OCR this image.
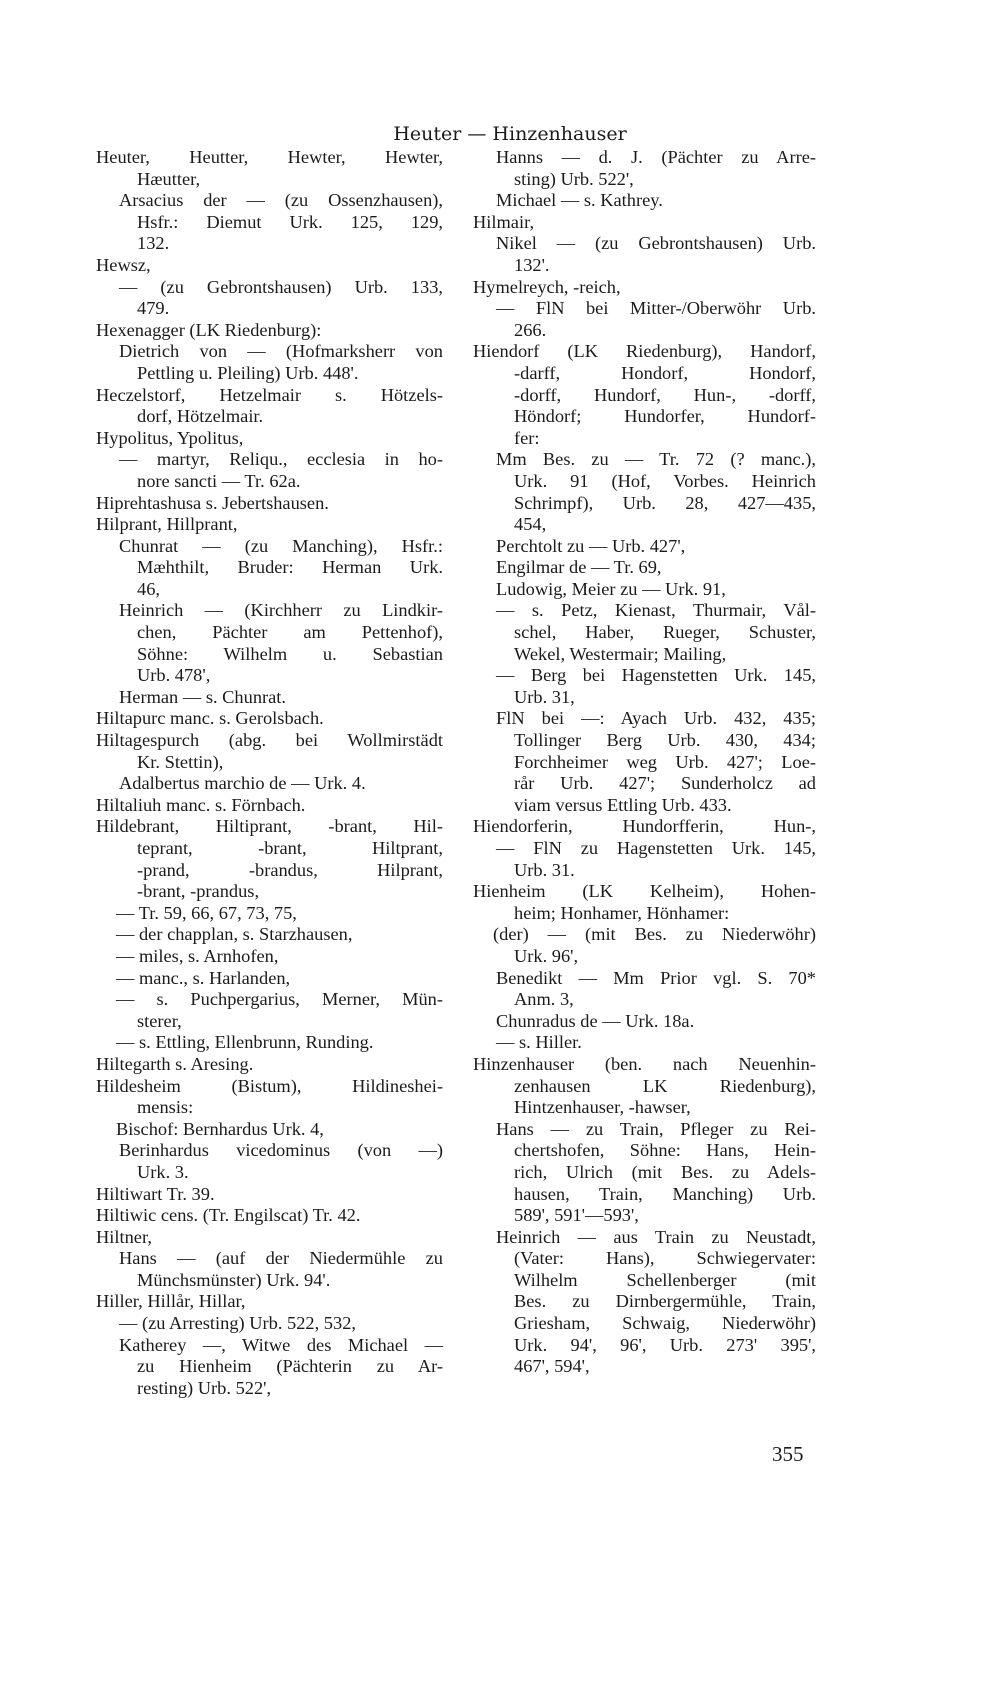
Heuter — Hinzenhauser
Heuter, Heutter, Hewter, Hewter,
Hæutter,
Arsacius der — (zu Ossenzhausen),
Hsfr.: Diemut Urk. 125, 129,
132.
Hewsz,
— (zu Gebrontshausen) Urb. 133,
479.
Hexenagger (LK Riedenburg):
Dietrich von — (Hofmarksherr von
Pettling u. Pleiling) Urb. 448'.
Heczelstorf, Hetzelmair s. Hötzels-
dorf, Hötzelmair.
Hypolitus, Ypolitus,
— martyr, Reliqu., ecclesia in ho-
nore sancti — Tr. 62a.
Hiprehtashusa s. Jebertshausen.
Hilprant, Hillprant,
Chunrat — (zu Manching), Hsfr.:
Mæhthilt, Bruder: Herman Urk.
46,
Heinrich — (Kirchherr zu Lindkir-
chen, Pächter am Pettenhof),
Söhne: Wilhelm u. Sebastian
Urb. 478',
Herman — s. Chunrat.
Hiltapurc manc. s. Gerolsbach.
Hiltagespurch (abg. bei Wollmirstädt
Kr. Stettin),
Adalbertus marchio de — Urk. 4.
Hiltaliuh manc. s. Förnbach.
Hildebrant, Hiltiprant, -brant, Hil-
teprant, -brant, Hiltprant,
-prand, -brandus, Hilprant,
-brant, -prandus,
— Tr. 59, 66, 67, 73, 75,
— der chapplan, s. Starzhausen,
— miles, s. Arnhofen,
— manc., s. Harlanden,
— s. Puchpergarius, Merner, Mün-
sterer,
— s. Ettling, Ellenbrunn, Runding.
Hiltegarth s. Aresing.
Hildesheim (Bistum), Hildineshei-
mensis:
Bischof: Bernhardus Urk. 4,
Berinhardus vicedominus (von —)
Urk. 3.
Hiltiwart Tr. 39.
Hiltiwic cens. (Tr. Engilscat) Tr. 42.
Hiltner,
Hans — (auf der Niedermühle zu
Münchsmünster) Urk. 94'.
Hiller, Hillår, Hillar,
— (zu Arresting) Urb. 522, 532,
Katherey —, Witwe des Michael —
zu Hienheim (Pächterin zu Ar-
resting) Urb. 522',
Hanns — d. J. (Pächter zu Arre-
sting) Urb. 522',
Michael — s. Kathrey.
Hilmair,
Nikel — (zu Gebrontshausen) Urb.
132'.
Hymelreych, -reich,
— FlN bei Mitter-/Oberwöhr Urb.
266.
Hiendorf (LK Riedenburg), Handorf,
-darff, Hondorf, Hondorf,
-dorff, Hundorf, Hun-, -dorff,
Höndorf; Hundorfer, Hundorf-
fer:
Mm Bes. zu — Tr. 72 (? manc.),
Urk. 91 (Hof, Vorbes. Heinrich
Schrimpf), Urb. 28, 427—435,
454,
Perchtolt zu — Urb. 427',
Engilmar de — Tr. 69,
Ludowig, Meier zu — Urk. 91,
— s. Petz, Kienast, Thurmair, Vål-
schel, Haber, Rueger, Schuster,
Wekel, Westermair; Mailing,
— Berg bei Hagenstetten Urk. 145,
Urb. 31,
FlN bei —: Ayach Urb. 432, 435;
Tollinger Berg Urb. 430, 434;
Forchheimer weg Urb. 427'; Loe-
rår Urb. 427'; Sunderholcz ad
viam versus Ettling Urb. 433.
Hiendorferin, Hundorfferin, Hun-,
— FlN zu Hagenstetten Urk. 145,
Urb. 31.
Hienheim (LK Kelheim), Hohen-
heim; Honhamer, Hönhamer:
(der) — (mit Bes. zu Niederwöhr)
Urk. 96',
Benedikt — Mm Prior vgl. S. 70*
Anm. 3,
Chunradus de — Urk. 18a.
— s. Hiller.
Hinzenhauser (ben. nach Neuenhin-
zenhausen LK Riedenburg),
Hintzenhauser, -hawser,
Hans — zu Train, Pfleger zu Rei-
chertshofen, Söhne: Hans, Hein-
rich, Ulrich (mit Bes. zu Adels-
hausen, Train, Manching) Urb.
589', 591'—593',
Heinrich — aus Train zu Neustadt,
(Vater: Hans), Schwiegervater:
Wilhelm Schellenberger (mit
Bes. zu Dirnbergermühle, Train,
Griesham, Schwaig, Niederwöhr)
Urk. 94', 96', Urb. 273' 395',
467', 594',
355
